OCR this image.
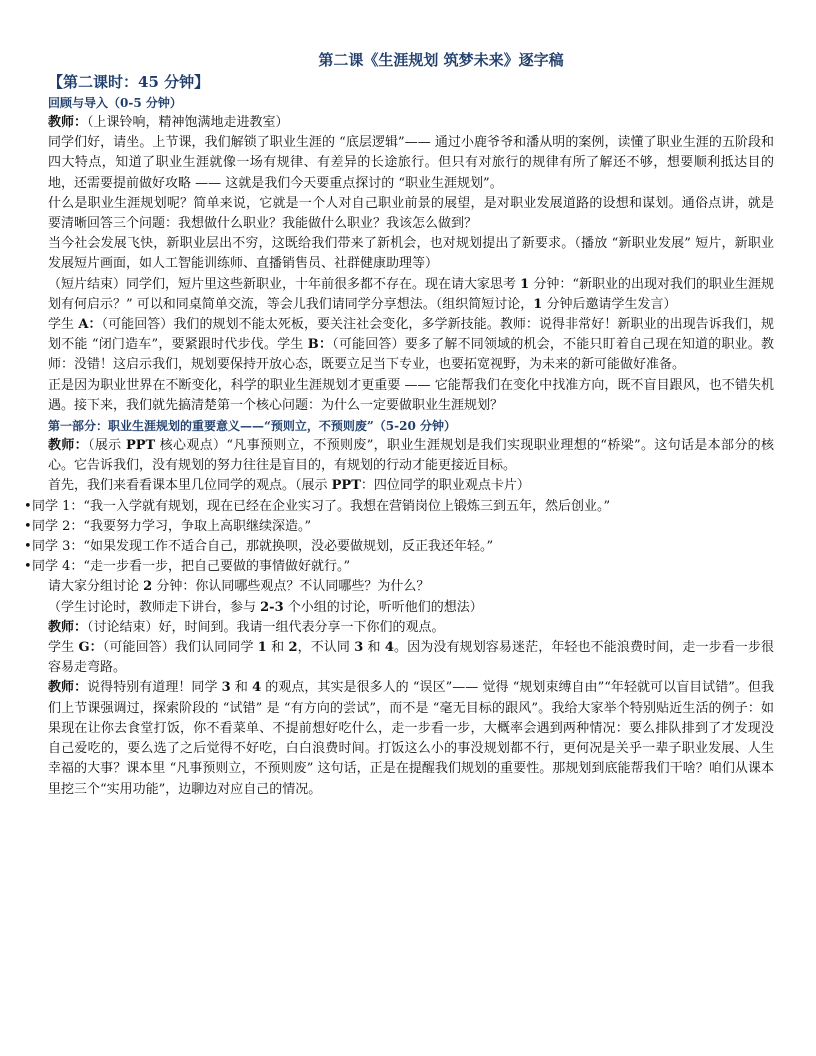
第二课《生涯规划 筑梦未来》逐字稿
【第二课时：45 分钟】
回顾与导入（0-5 分钟）

教师：（上课铃响，精神饱满地走进教室）

同学们好，请坐。上节课，我们解锁了职业生涯的 “底层逻辑”—— 通过小鹿爷爷和潘从明的案例，读懂了职业生涯的五阶段和四大特点，知道了职业生涯就像一场有规律、有差异的长途旅行。但只有对旅行的规律有所了解还不够，想要顺利抵达目的地，还需要提前做好攻略 —— 这就是我们今天要重点探讨的 “职业生涯规划”。

什么是职业生涯规划呢？简单来说，它就是一个人对自己职业前景的展望，是对职业发展道路的设想和谋划。通俗点讲，就是要清晰回答三个问题：我想做什么职业？我能做什么职业？我该怎么做到？

当今社会发展飞快，新职业层出不穷，这既给我们带来了新机会，也对规划提出了新要求。（播放 “新职业发展” 短片，新职业发展短片画面，如人工智能训练师、直播销售员、社群健康助理等）

（短片结束）同学们，短片里这些新职业，十年前很多都不存在。现在请大家思考 1 分钟：“新职业的出现对我们的职业生涯规划有何启示？” 可以和同桌简单交流，等会儿我们请同学分享想法。（组织简短讨论，1 分钟后邀请学生发言）

学生 A：（可能回答）我们的规划不能太死板，要关注社会变化，多学新技能。教师：说得非常好！新职业的出现告诉我们，规划不能 “闭门造车”，要紧跟时代步伐。学生 B：（可能回答）要多了解不同领域的机会，不能只盯着自己现在知道的职业。教师：没错！这启示我们，规划要保持开放心态，既要立足当下专业，也要拓宽视野，为未来的新可能做好准备。

正是因为职业世界在不断变化，科学的职业生涯规划才更重要 —— 它能帮我们在变化中找准方向，既不盲目跟风，也不错失机遇。接下来，我们就先搞清楚第一个核心问题：为什么一定要做职业生涯规划？

第一部分：职业生涯规划的重要意义——“预则立，不预则废”（5-20 分钟）

教师：（展示 PPT 核心观点）“凡事预则立，不预则废”，职业生涯规划是我们实现职业理想的“桥梁”。这句话是本部分的核心。它告诉我们，没有规划的努力往往是盲目的，有规划的行动才能更接近目标。

首先，我们来看看课本里几位同学的观点。（展示 PPT：四位同学的职业观点卡片）

•同学 1：“我一入学就有规划，现在已经在企业实习了。我想在营销岗位上锻炼三到五年，然后创业。”

•同学 2：“我要努力学习，争取上高职继续深造。”

•同学 3：“如果发现工作不适合自己，那就换呗，没必要做规划，反正我还年轻。”

•同学 4：“走一步看一步，把自己要做的事情做好就行。”

请大家分组讨论 2 分钟：你认同哪些观点？不认同哪些？为什么？

（学生讨论时，教师走下讲台，参与 2-3 个小组的讨论，听听他们的想法）

教师：（讨论结束）好，时间到。我请一组代表分享一下你们的观点。

学生 G：（可能回答）我们认同同学 1 和 2，不认同 3 和 4。因为没有规划容易迷茫，年轻也不能浪费时间，走一步看一步很容易走弯路。

教师：说得特别有道理！同学 3 和 4 的观点，其实是很多人的 “误区”—— 觉得 “规划束缚自由”“年轻就可以盲目试错”。但我们上节课强调过，探索阶段的 “试错” 是 “有方向的尝试”，而不是 “毫无目标的跟风”。我给大家举个特别贴近生活的例子：如果现在让你去食堂打饭，你不看菜单、不提前想好吃什么，走一步看一步，大概率会遇到两种情况：要么排队排到了才发现没自己爱吃的，要么选了之后觉得不好吃，白白浪费时间。打饭这么小的事没规划都不行，更何况是关乎一辈子职业发展、人生幸福的大事？课本里 “凡事预则立，不预则废” 这句话，正是在提醒我们规划的重要性。那规划到底能帮我们干啥？咱们从课本里挖三个“实用功能”，边聊边对应自己的情况。
